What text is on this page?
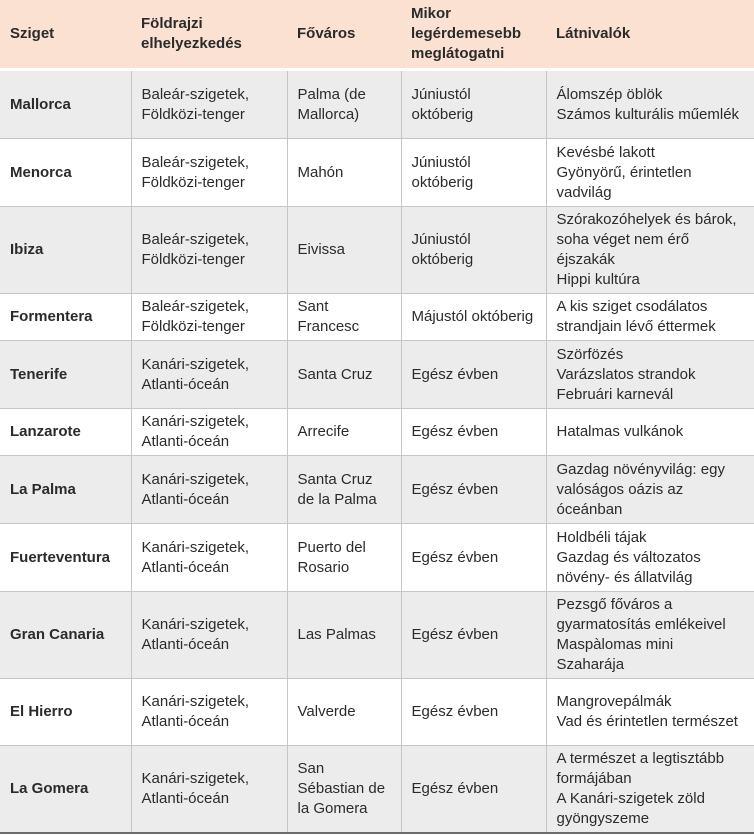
Sziget	Földrajzi elhelyezkedés	Főváros	Mikor legérdemesebb meglátogatni	Látnivalók
Mallorca	Baleár-szigetek, Földközi-tenger	Palma (de Mallorca)	Júniustól októberig	Álomszép öblök
Számos kulturális műemlék

Menorca	Baleár-szigetek, Földközi-tenger	Mahón	Júniustól októberig	Kevésbé lakott
Gyönyörű, érintetlen vadvilág

Ibiza	Baleár-szigetek, Földközi-tenger	Eivissa	Júniustól októberig	Szórakozóhelyek és bárok, soha véget nem érő éjszakák
Hippi kultúra

Formentera	Baleár-szigetek, Földközi-tenger	Sant Francesc	Májustól októberig	A kis sziget csodálatos strandjain lévő éttermek

Tenerife	Kanári-szigetek, Atlanti-óceán	Santa Cruz	Egész évben	Szörfözés
Varázslatos strandok
Februári karnevál

Lanzarote	Kanári-szigetek, Atlanti-óceán	Arrecife	Egész évben	Hatalmas vulkánok

La Palma	Kanári-szigetek, Atlanti-óceán	Santa Cruz de la Palma	Egész évben	Gazdag növényvilág: egy valóságos oázis az óceánban

Fuerteventura	Kanári-szigetek, Atlanti-óceán	Puerto del Rosario	Egész évben	Holdbéli tájak
Gazdag és változatos növény- és állatvilág

Gran Canaria	Kanári-szigetek, Atlanti-óceán	Las Palmas	Egész évben	Pezsgő főváros a gyarmatosítás emlékeivel
Maspàlomas mini Szaharája

El Hierro	Kanári-szigetek, Atlanti-óceán	Valverde	Egész évben	Mangrovepálmák
Vad és érintetlen természet

La Gomera	Kanári-szigetek, Atlanti-óceán	San Sébastian de la Gomera	Egész évben	A természet a legtisztább formájában
A Kanári-szigetek zöld gyöngyszeme
